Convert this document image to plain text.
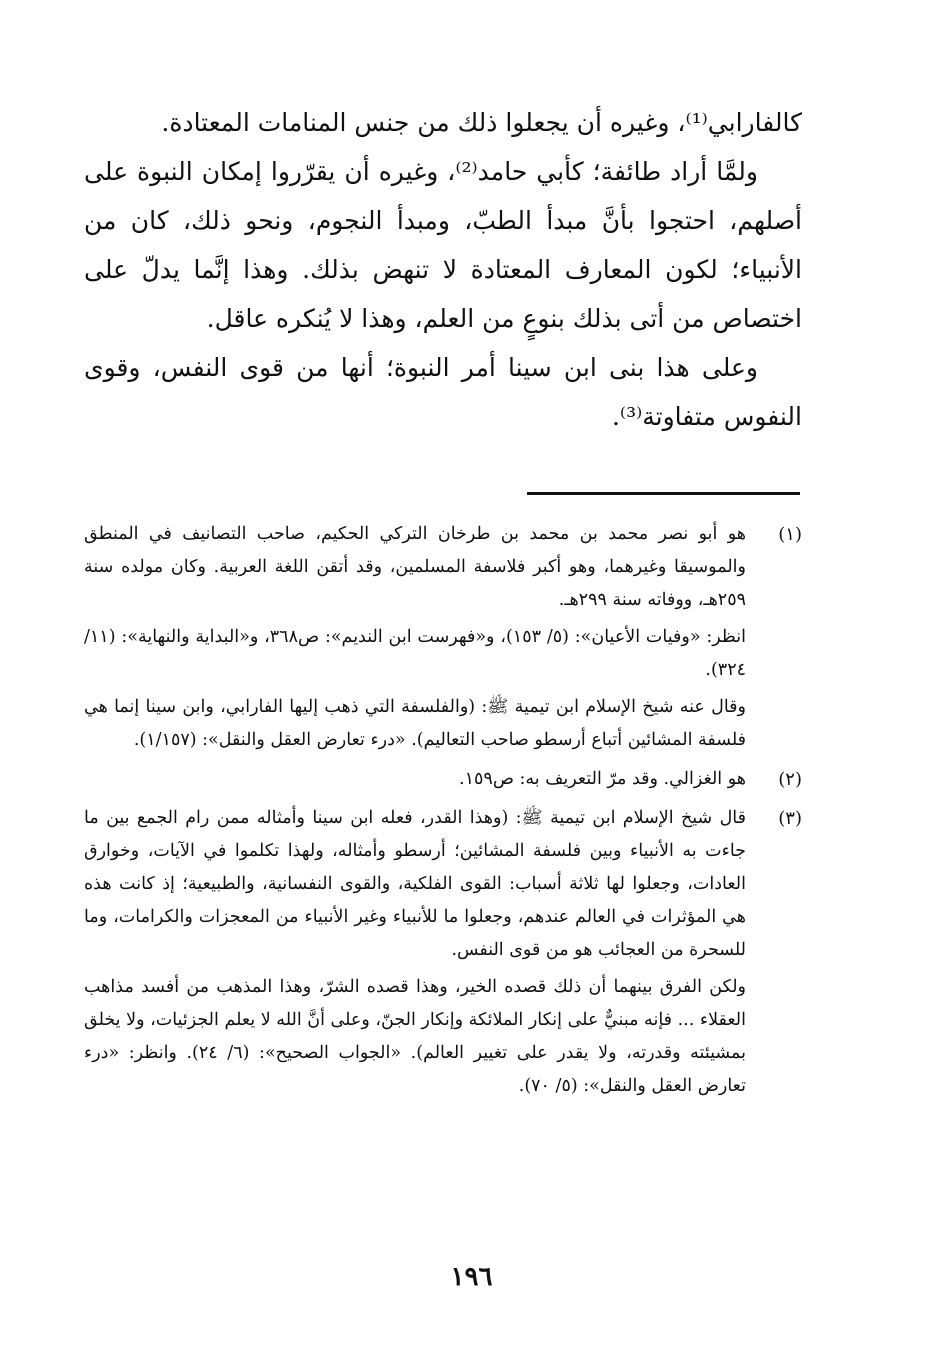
كالفارابي⁽¹⁾، وغيره أن يجعلوا ذلك من جنس المنامات المعتادة.

ولمَّا أراد طائفة؛ كأبي حامد⁽²⁾، وغيره أن يقرّروا إمكان النبوة على أصلهم، احتجوا بأنَّ مبدأ الطبّ، ومبدأ النجوم، ونحو ذلك، كان من الأنبياء؛ لكون المعارف المعتادة لا تنهض بذلك. وهذا إنَّما يدلّ على اختصاص من أتى بذلك بنوعٍ من العلم، وهذا لا يُنكره عاقل.

وعلى هذا بنى ابن سينا أمر النبوة؛ أنها من قوى النفس، وقوى النفوس متفاوتة⁽³⁾.

(١)

هو أبو نصر محمد بن محمد بن طرخان التركي الحكيم، صاحب التصانيف في المنطق والموسيقا وغيرهما، وهو أكبر فلاسفة المسلمين، وقد أتقن اللغة العربية. وكان مولده سنة ٢٥٩هـ، ووفاته سنة ٢٩٩هـ.

انظر: «وفيات الأعيان»: (٥/ ١٥٣)، و«فهرست ابن النديم»: ص٣٦٨، و«البداية والنهاية»: (١١/ ٣٢٤).

وقال عنه شيخ الإسلام ابن تيمية ﷺ: (والفلسفة التي ذهب إليها الفارابي، وابن سينا إنما هي فلسفة المشائين أتباع أرسطو صاحب التعاليم). «درء تعارض العقل والنقل»: (١/١٥٧).

(٢)

هو الغزالي. وقد مرّ التعريف به: ص١٥٩.

(٣)

قال شيخ الإسلام ابن تيمية ﷺ: (وهذا القدر، فعله ابن سينا وأمثاله ممن رام الجمع بين ما جاءت به الأنبياء وبين فلسفة المشائين؛ أرسطو وأمثاله، ولهذا تكلموا في الآيات، وخوارق العادات، وجعلوا لها ثلاثة أسباب: القوى الفلكية، والقوى النفسانية، والطبيعية؛ إذ كانت هذه هي المؤثرات في العالم عندهم، وجعلوا ما للأنبياء وغير الأنبياء من المعجزات والكرامات، وما للسحرة من العجائب هو من قوى النفس.

ولكن الفرق بينهما أن ذلك قصده الخير، وهذا قصده الشرّ، وهذا المذهب من أفسد مذاهب العقلاء ... فإنه مبنيٌّ على إنكار الملائكة وإنكار الجنّ، وعلى أنَّ الله لا يعلم الجزئيات، ولا يخلق بمشيئته وقدرته، ولا يقدر على تغيير العالم). «الجواب الصحيح»: (٦/ ٢٤). وانظر: «درء تعارض العقل والنقل»: (٥/ ٧٠).

١٩٦
